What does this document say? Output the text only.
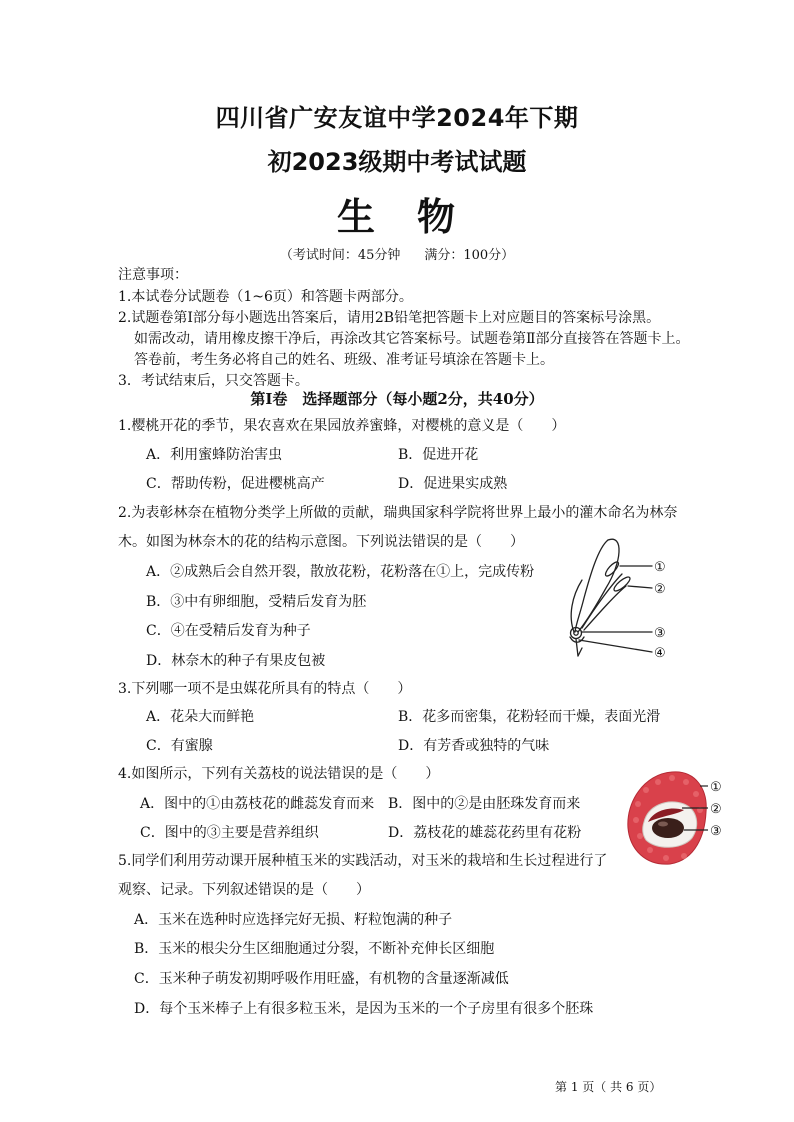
四川省广安友谊中学2024年下期
初2023级期中考试试题
生　物
（考试时间：45分钟 满分：100分）
注意事项：
1.本试卷分试题卷（1~6页）和答题卡两部分。
2.试题卷第Ⅰ部分每小题选出答案后，请用2B铅笔把答题卡上对应题目的答案标号涂黑。
如需改动，请用橡皮擦干净后，再涂改其它答案标号。试题卷第Ⅱ部分直接答在答题卡上。
答卷前，考生务必将自己的姓名、班级、准考证号填涂在答题卡上。
3．考试结束后，只交答题卡。
第Ⅰ卷　选择题部分（每小题2分，共40分）
1.樱桃开花的季节，果农喜欢在果园放养蜜蜂，对樱桃的意义是（　　）
A．利用蜜蜂防治害虫	B．促进开花
C．帮助传粉，促进樱桃高产	D．促进果实成熟
2.为表彰林奈在植物分类学上所做的贡献，瑞典国家科学院将世界上最小的灌木命名为林奈
木。如图为林奈木的花的结构示意图。下列说法错误的是（　　）
A．②成熟后会自然开裂，散放花粉，花粉落在①上，完成传粉
B．③中有卵细胞，受精后发育为胚
C．④在受精后发育为种子
D．林奈木的种子有果皮包被
①
②
③
④
3.下列哪一项不是虫媒花所具有的特点（　　）
A．花朵大而鲜艳	B．花多而密集，花粉轻而干燥，表面光滑
C．有蜜腺	D．有芳香或独特的气味
4.如图所示，下列有关荔枝的说法错误的是（　　）
A．图中的①由荔枝花的雌蕊发育而来 B．图中的②是由胚珠发育而来
C．图中的③主要是营养组织	D．荔枝花的雄蕊花药里有花粉
①
②
③
5.同学们利用劳动课开展种植玉米的实践活动，对玉米的栽培和生长过程进行了
观察、记录。下列叙述错误的是（　　）
A．玉米在选种时应选择完好无损、籽粒饱满的种子
B．玉米的根尖分生区细胞通过分裂，不断补充伸长区细胞
C．玉米种子萌发初期呼吸作用旺盛，有机物的含量逐渐减低
D．每个玉米棒子上有很多粒玉米，是因为玉米的一个子房里有很多个胚珠
第 1 页（ 共 6 页）
